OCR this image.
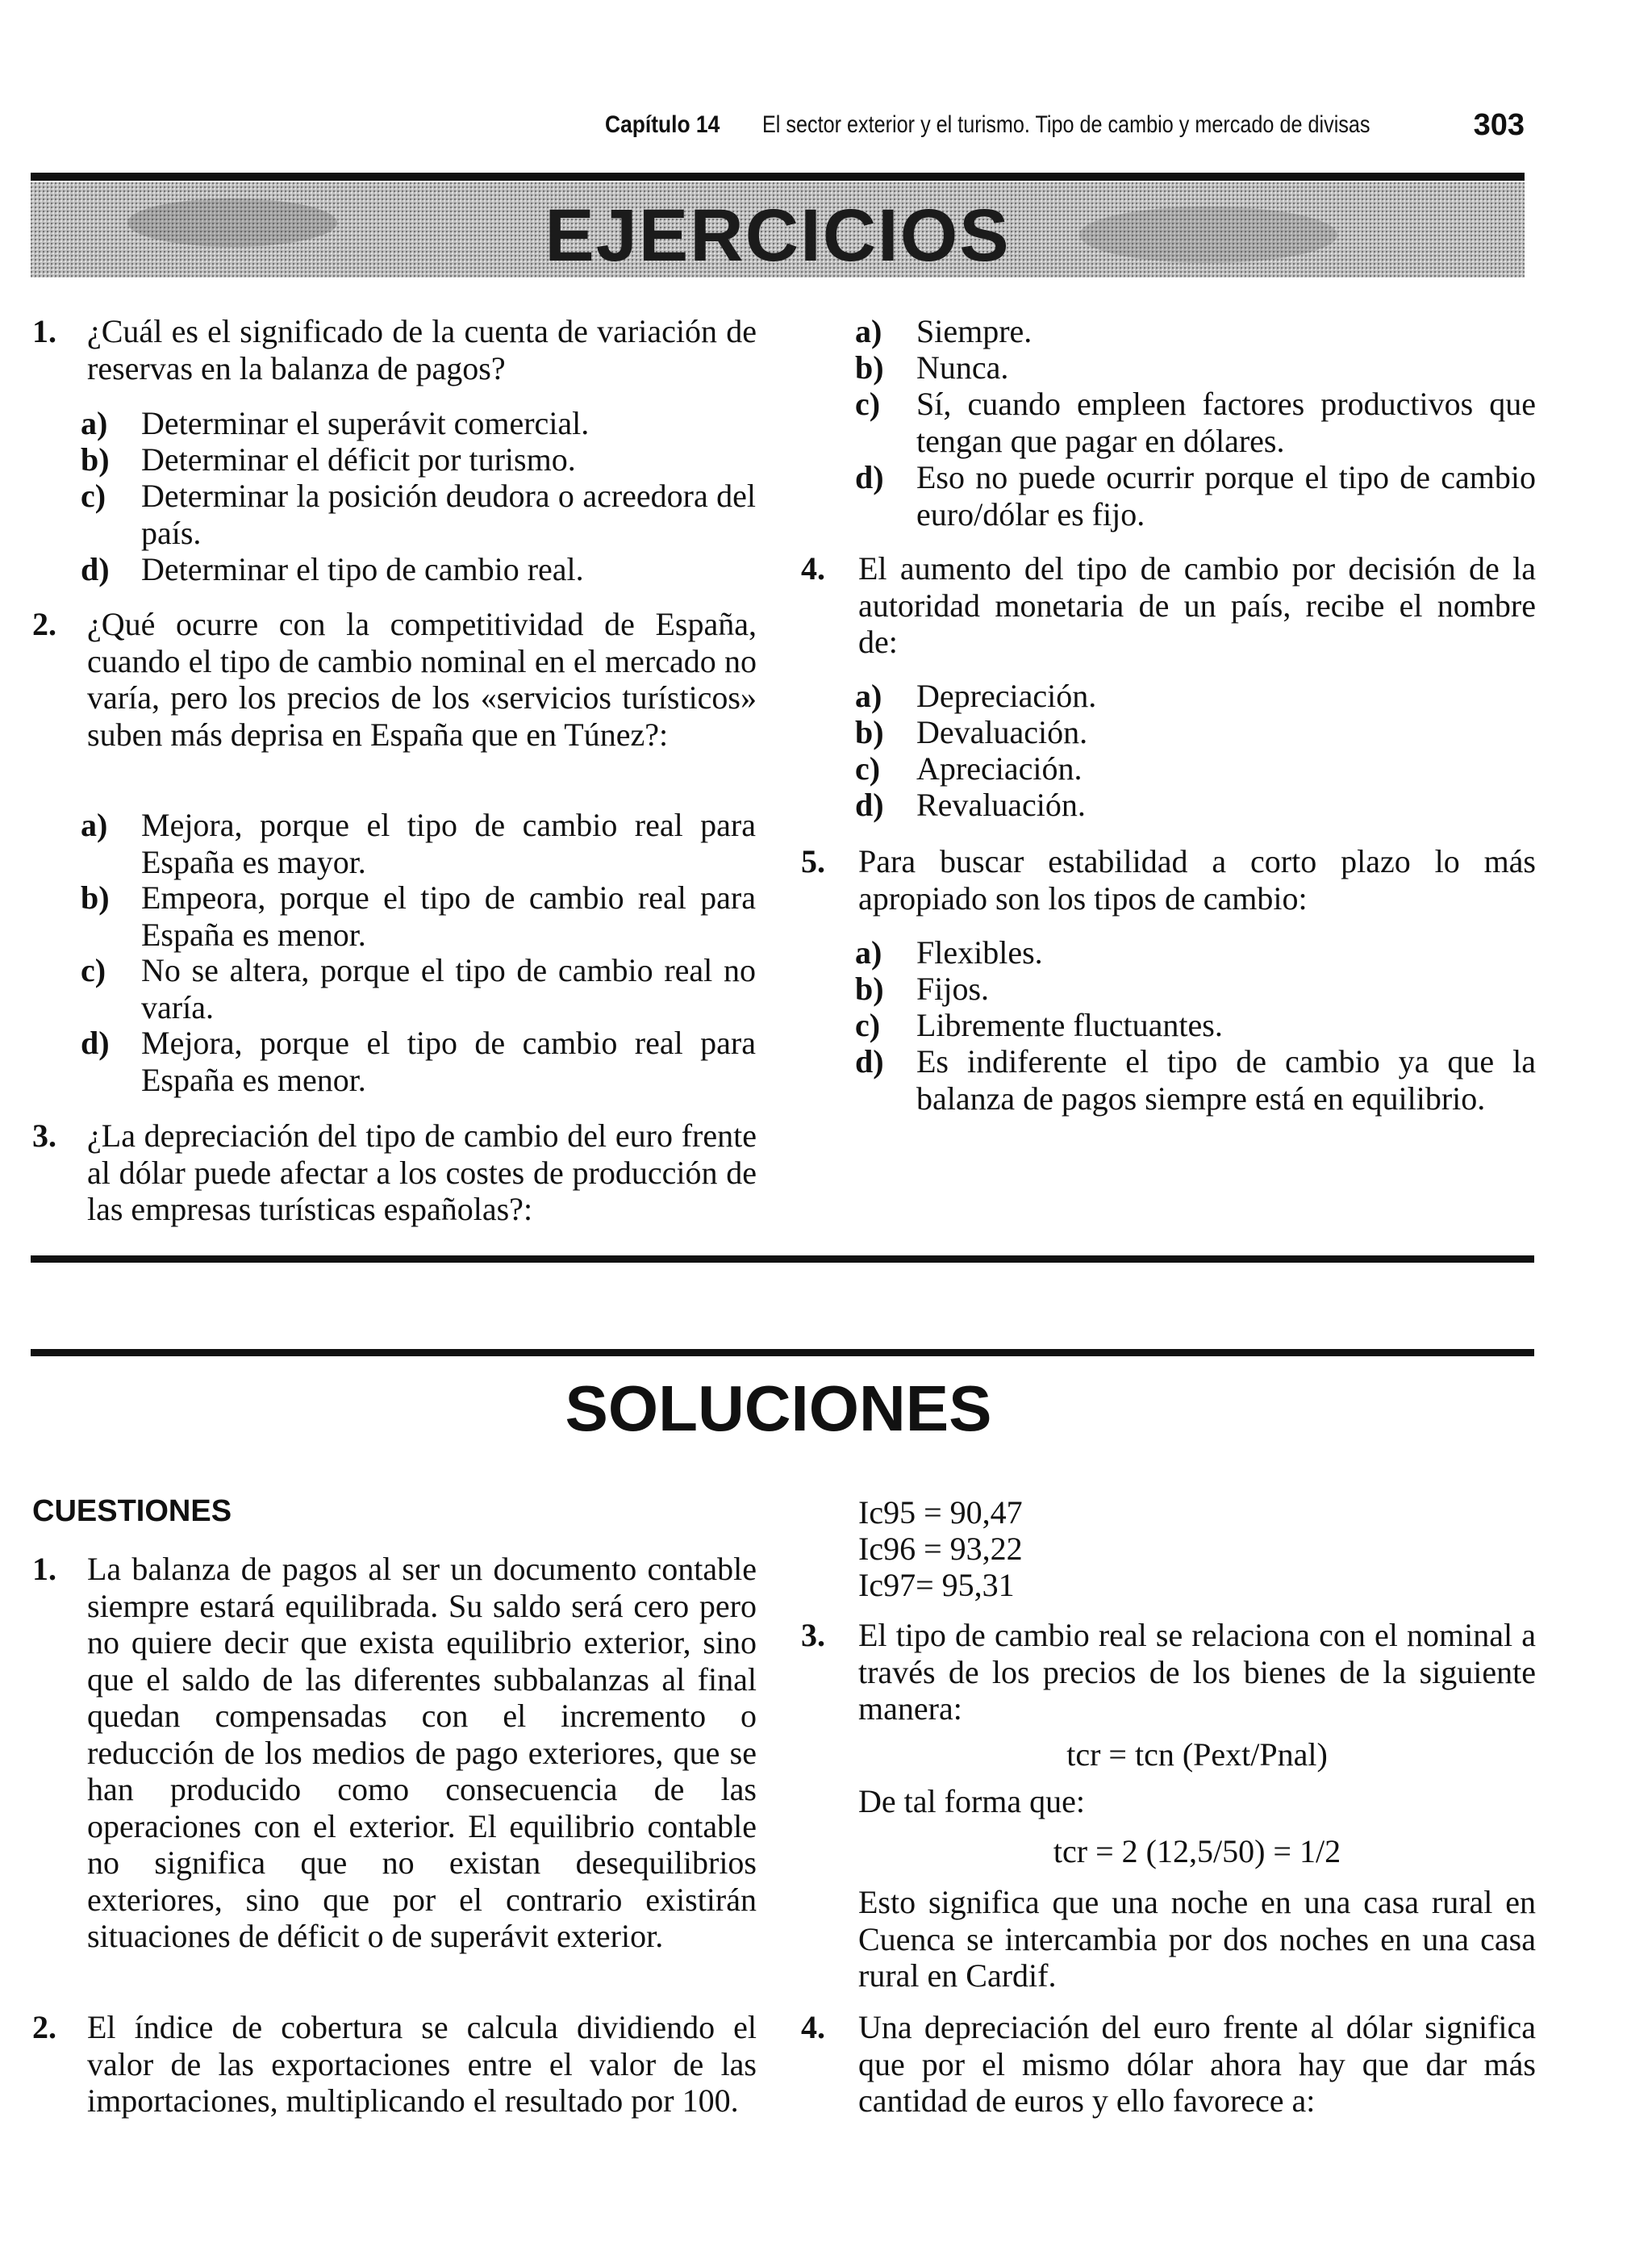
Capítulo 14 El sector exterior y el turismo. Tipo de cambio y mercado de divisas	303
EJERCICIOS
1. ¿Cuál es el significado de la cuenta de variación de reservas en la balanza de pagos?
a) Determinar el superávit comercial.
b) Determinar el déficit por turismo.
c) Determinar la posición deudora o acreedora del país.
d) Determinar el tipo de cambio real.
2. ¿Qué ocurre con la competitividad de España, cuando el tipo de cambio nominal en el mercado no varía, pero los precios de los «servicios turísticos» suben más deprisa en España que en Túnez?:
a) Mejora, porque el tipo de cambio real para España es mayor.
b) Empeora, porque el tipo de cambio real para España es menor.
c) No se altera, porque el tipo de cambio real no varía.
d) Mejora, porque el tipo de cambio real para España es menor.
3. ¿La depreciación del tipo de cambio del euro frente al dólar puede afectar a los costes de producción de las empresas turísticas españolas?:
a) Siempre.
b) Nunca.
c) Sí, cuando empleen factores productivos que tengan que pagar en dólares.
d) Eso no puede ocurrir porque el tipo de cambio euro/dólar es fijo.
4. El aumento del tipo de cambio por decisión de la autoridad monetaria de un país, recibe el nombre de:
a) Depreciación.
b) Devaluación.
c) Apreciación.
d) Revaluación.
5. Para buscar estabilidad a corto plazo lo más apropiado son los tipos de cambio:
a) Flexibles.
b) Fijos.
c) Libremente fluctuantes.
d) Es indiferente el tipo de cambio ya que la balanza de pagos siempre está en equilibrio.
SOLUCIONES
CUESTIONES
1. La balanza de pagos al ser un documento contable siempre estará equilibrada. Su saldo será cero pero no quiere decir que exista equilibrio exterior, sino que el saldo de las diferentes subbalanzas al final quedan compensadas con el incremento o reducción de los medios de pago exteriores, que se han producido como consecuencia de las operaciones con el exterior. El equilibrio contable no significa que no existan desequilibrios exteriores, sino que por el contrario existirán situaciones de déficit o de superávit exterior.
2. El índice de cobertura se calcula dividiendo el valor de las exportaciones entre el valor de las importaciones, multiplicando el resultado por 100.
Ic95 = 90,47
Ic96 = 93,22
Ic97= 95,31
3. El tipo de cambio real se relaciona con el nominal a través de los precios de los bienes de la siguiente manera:
tcr = tcn (Pext/Pnal)
De tal forma que:
tcr = 2 (12,5/50) = 1/2
Esto significa que una noche en una casa rural en Cuenca se intercambia por dos noches en una casa rural en Cardif.
4. Una depreciación del euro frente al dólar significa que por el mismo dólar ahora hay que dar más cantidad de euros y ello favorece a:
